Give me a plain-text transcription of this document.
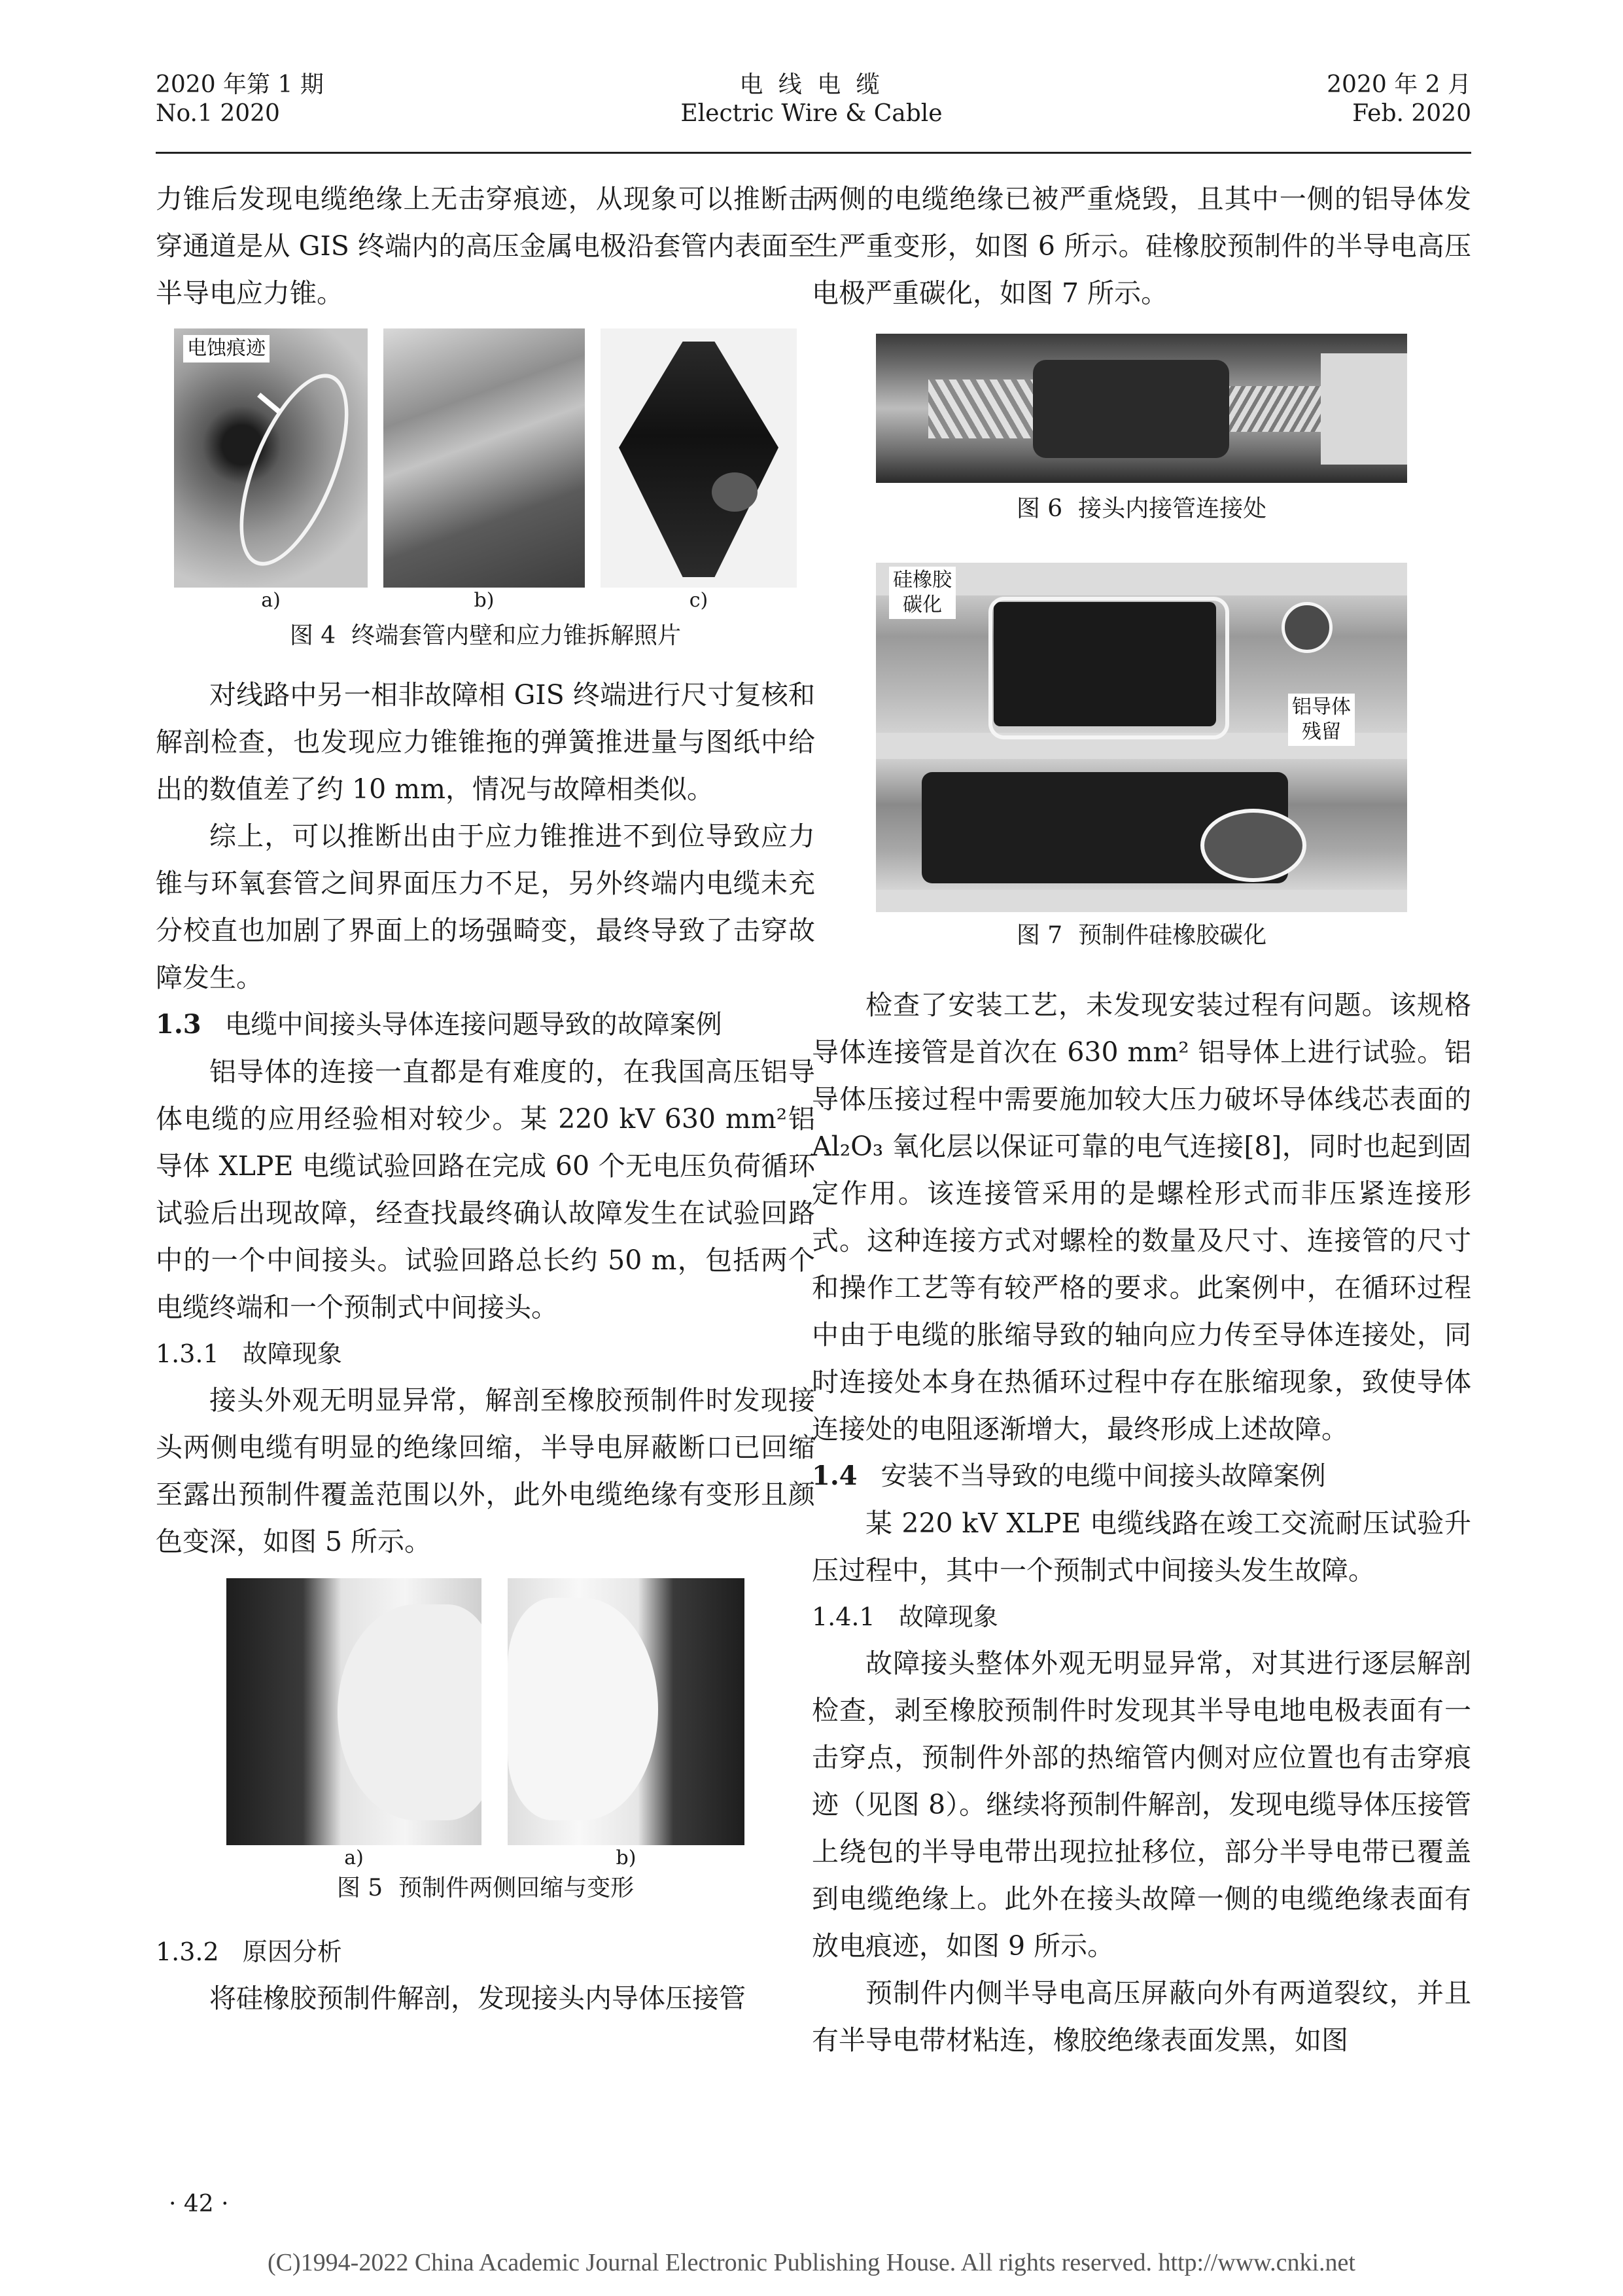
2020 年第 1 期
No.1 2020
电 线 电 缆
Electric Wire & Cable
2020 年 2 月
Feb. 2020

力锥后发现电缆绝缘上无击穿痕迹，从现象可以推断击穿通道是从 GIS 终端内的高压金属电极沿套管内表面至半导电应力锥。

电蚀痕迹
a)	b)	c)
图 4 终端套管内壁和应力锥拆解照片

对线路中另一相非故障相 GIS 终端进行尺寸复核和解剖检查，也发现应力锥锥拖的弹簧推进量与图纸中给出的数值差了约 10 mm，情况与故障相类似。

综上，可以推断出由于应力锥推进不到位导致应力锥与环氧套管之间界面压力不足，另外终端内电缆未充分校直也加剧了界面上的场强畸变，最终导致了击穿故障发生。

1.3 电缆中间接头导体连接问题导致的故障案例

铝导体的连接一直都是有难度的，在我国高压铝导体电缆的应用经验相对较少。某 220 kV 630 mm²铝导体 XLPE 电缆试验回路在完成 60 个无电压负荷循环试验后出现故障，经查找最终确认故障发生在试验回路中的一个中间接头。试验回路总长约 50 m，包括两个电缆终端和一个预制式中间接头。

1.3.1 故障现象

接头外观无明显异常，解剖至橡胶预制件时发现接头两侧电缆有明显的绝缘回缩，半导电屏蔽断口已回缩至露出预制件覆盖范围以外，此外电缆绝缘有变形且颜色变深，如图 5 所示。

a)	b)
图 5 预制件两侧回缩与变形
1.3.2 原因分析

将硅橡胶预制件解剖，发现接头内导体压接管

两侧的电缆绝缘已被严重烧毁，且其中一侧的铝导体发生严重变形，如图 6 所示。硅橡胶预制件的半导电高压电极严重碳化，如图 7 所示。

图 6 接头内接管连接处
硅橡胶
碳化
铝导体
残留
图 7 预制件硅橡胶碳化

检查了安装工艺，未发现安装过程有问题。该规格导体连接管是首次在 630 mm² 铝导体上进行试验。铝导体压接过程中需要施加较大压力破坏导体线芯表面的 Al₂O₃ 氧化层以保证可靠的电气连接[8]，同时也起到固定作用。该连接管采用的是螺栓形式而非压紧连接形式。这种连接方式对螺栓的数量及尺寸、连接管的尺寸和操作工艺等有较严格的要求。此案例中，在循环过程中由于电缆的胀缩导致的轴向应力传至导体连接处，同时连接处本身在热循环过程中存在胀缩现象，致使导体连接处的电阻逐渐增大，最终形成上述故障。

1.4 安装不当导致的电缆中间接头故障案例

某 220 kV XLPE 电缆线路在竣工交流耐压试验升压过程中，其中一个预制式中间接头发生故障。

1.4.1 故障现象

故障接头整体外观无明显异常，对其进行逐层解剖检查，剥至橡胶预制件时发现其半导电地电极表面有一击穿点，预制件外部的热缩管内侧对应位置也有击穿痕迹（见图 8）。继续将预制件解剖，发现电缆导体压接管上绕包的半导电带出现拉扯移位，部分半导电带已覆盖到电缆绝缘上。此外在接头故障一侧的电缆绝缘表面有放电痕迹，如图 9 所示。

预制件内侧半导电高压屏蔽向外有两道裂纹，并且有半导电带材粘连，橡胶绝缘表面发黑，如图

· 42 ·
(C)1994-2022 China Academic Journal Electronic Publishing House. All rights reserved. http://www.cnki.net
